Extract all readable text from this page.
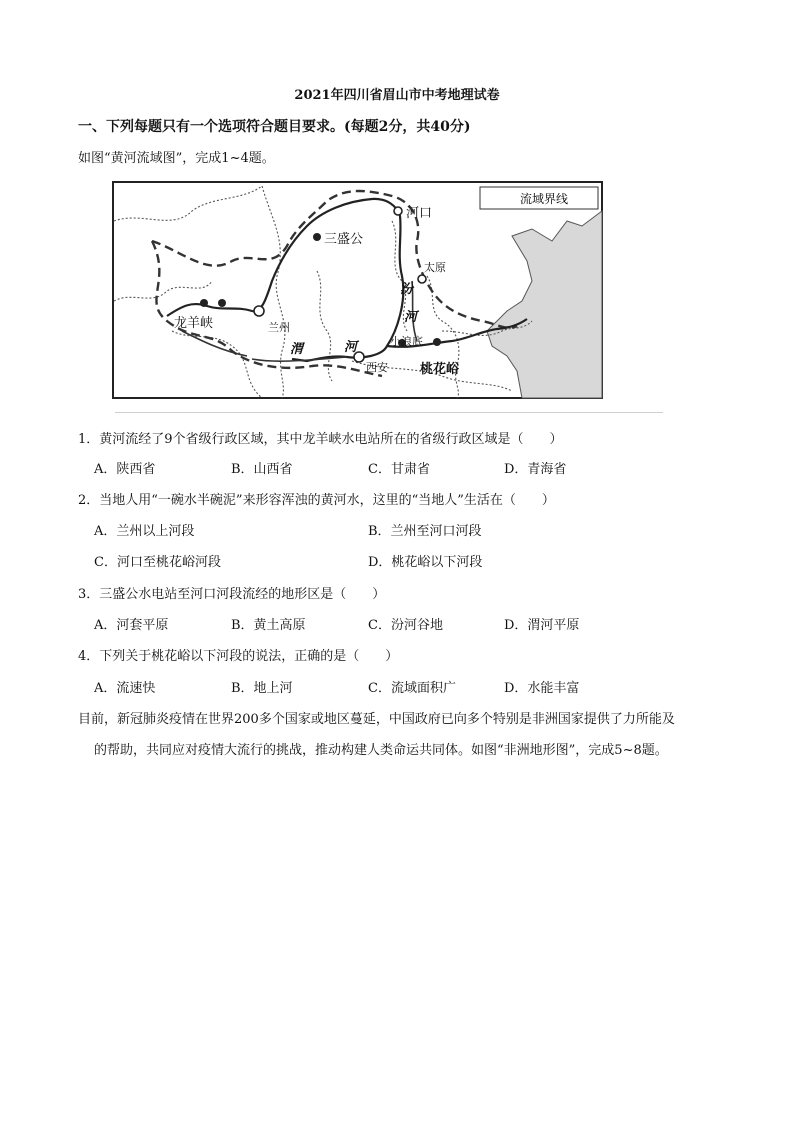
2021年四川省眉山市中考地理试卷
一、下列每题只有一个选项符合题目要求。(每题2分，共40分)
如图“黄河流域图”，完成1~4题。
流域界线
河口
三盛公
太原
汾
河
龙羊峡	兰州
小浪底
渭	河
西安 桃花峪
1．黄河流经了9个省级行政区域，其中龙羊峡水电站所在的省级行政区域是（　　）
A．陕西省	B．山西省	C．甘肃省	D．青海省
2．当地人用“一碗水半碗泥”来形容浑浊的黄河水，这里的“当地人”生活在（　　）
A．兰州以上河段	B．兰州至河口河段
C．河口至桃花峪河段	D．桃花峪以下河段
3．三盛公水电站至河口河段流经的地形区是（　　）
A．河套平原	B．黄土高原	C．汾河谷地	D．渭河平原
4．下列关于桃花峪以下河段的说法，正确的是（　　）
A．流速快	B．地上河	C．流域面积广	D．水能丰富
目前，新冠肺炎疫情在世界200多个国家或地区蔓延，中国政府已向多个特别是非洲国家提供了力所能及
的帮助，共同应对疫情大流行的挑战，推动构建人类命运共同体。如图“非洲地形图”，完成5~8题。
